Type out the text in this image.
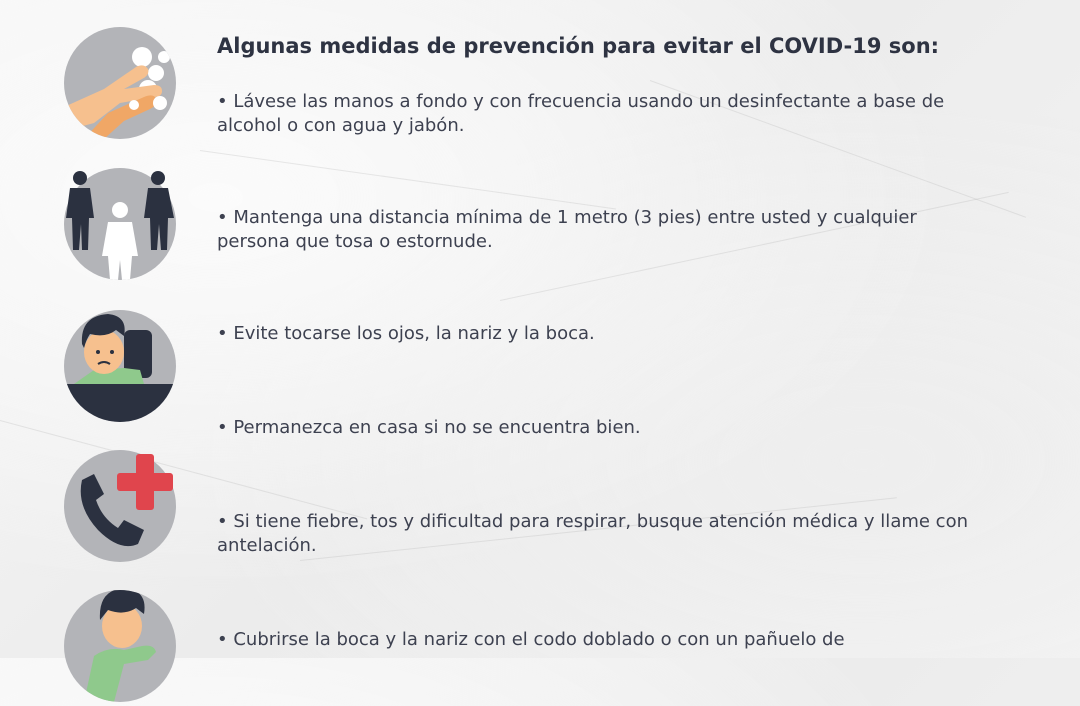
Algunas medidas de prevención para evitar el COVID-19 son:
• Lávese las manos a fondo y con frecuencia usando un desinfectante a base de alcohol o con agua y jabón.
• Mantenga una distancia mínima de 1 metro (3 pies) entre usted y cualquier persona que tosa o estornude.
• Evite tocarse los ojos, la nariz y la boca.
• Permanezca en casa si no se encuentra bien.
• Si tiene fiebre, tos y dificultad para respirar, busque atención médica y llame con antelación.
• Cubrirse la boca y la nariz con el codo doblado o con un pañuelo de
